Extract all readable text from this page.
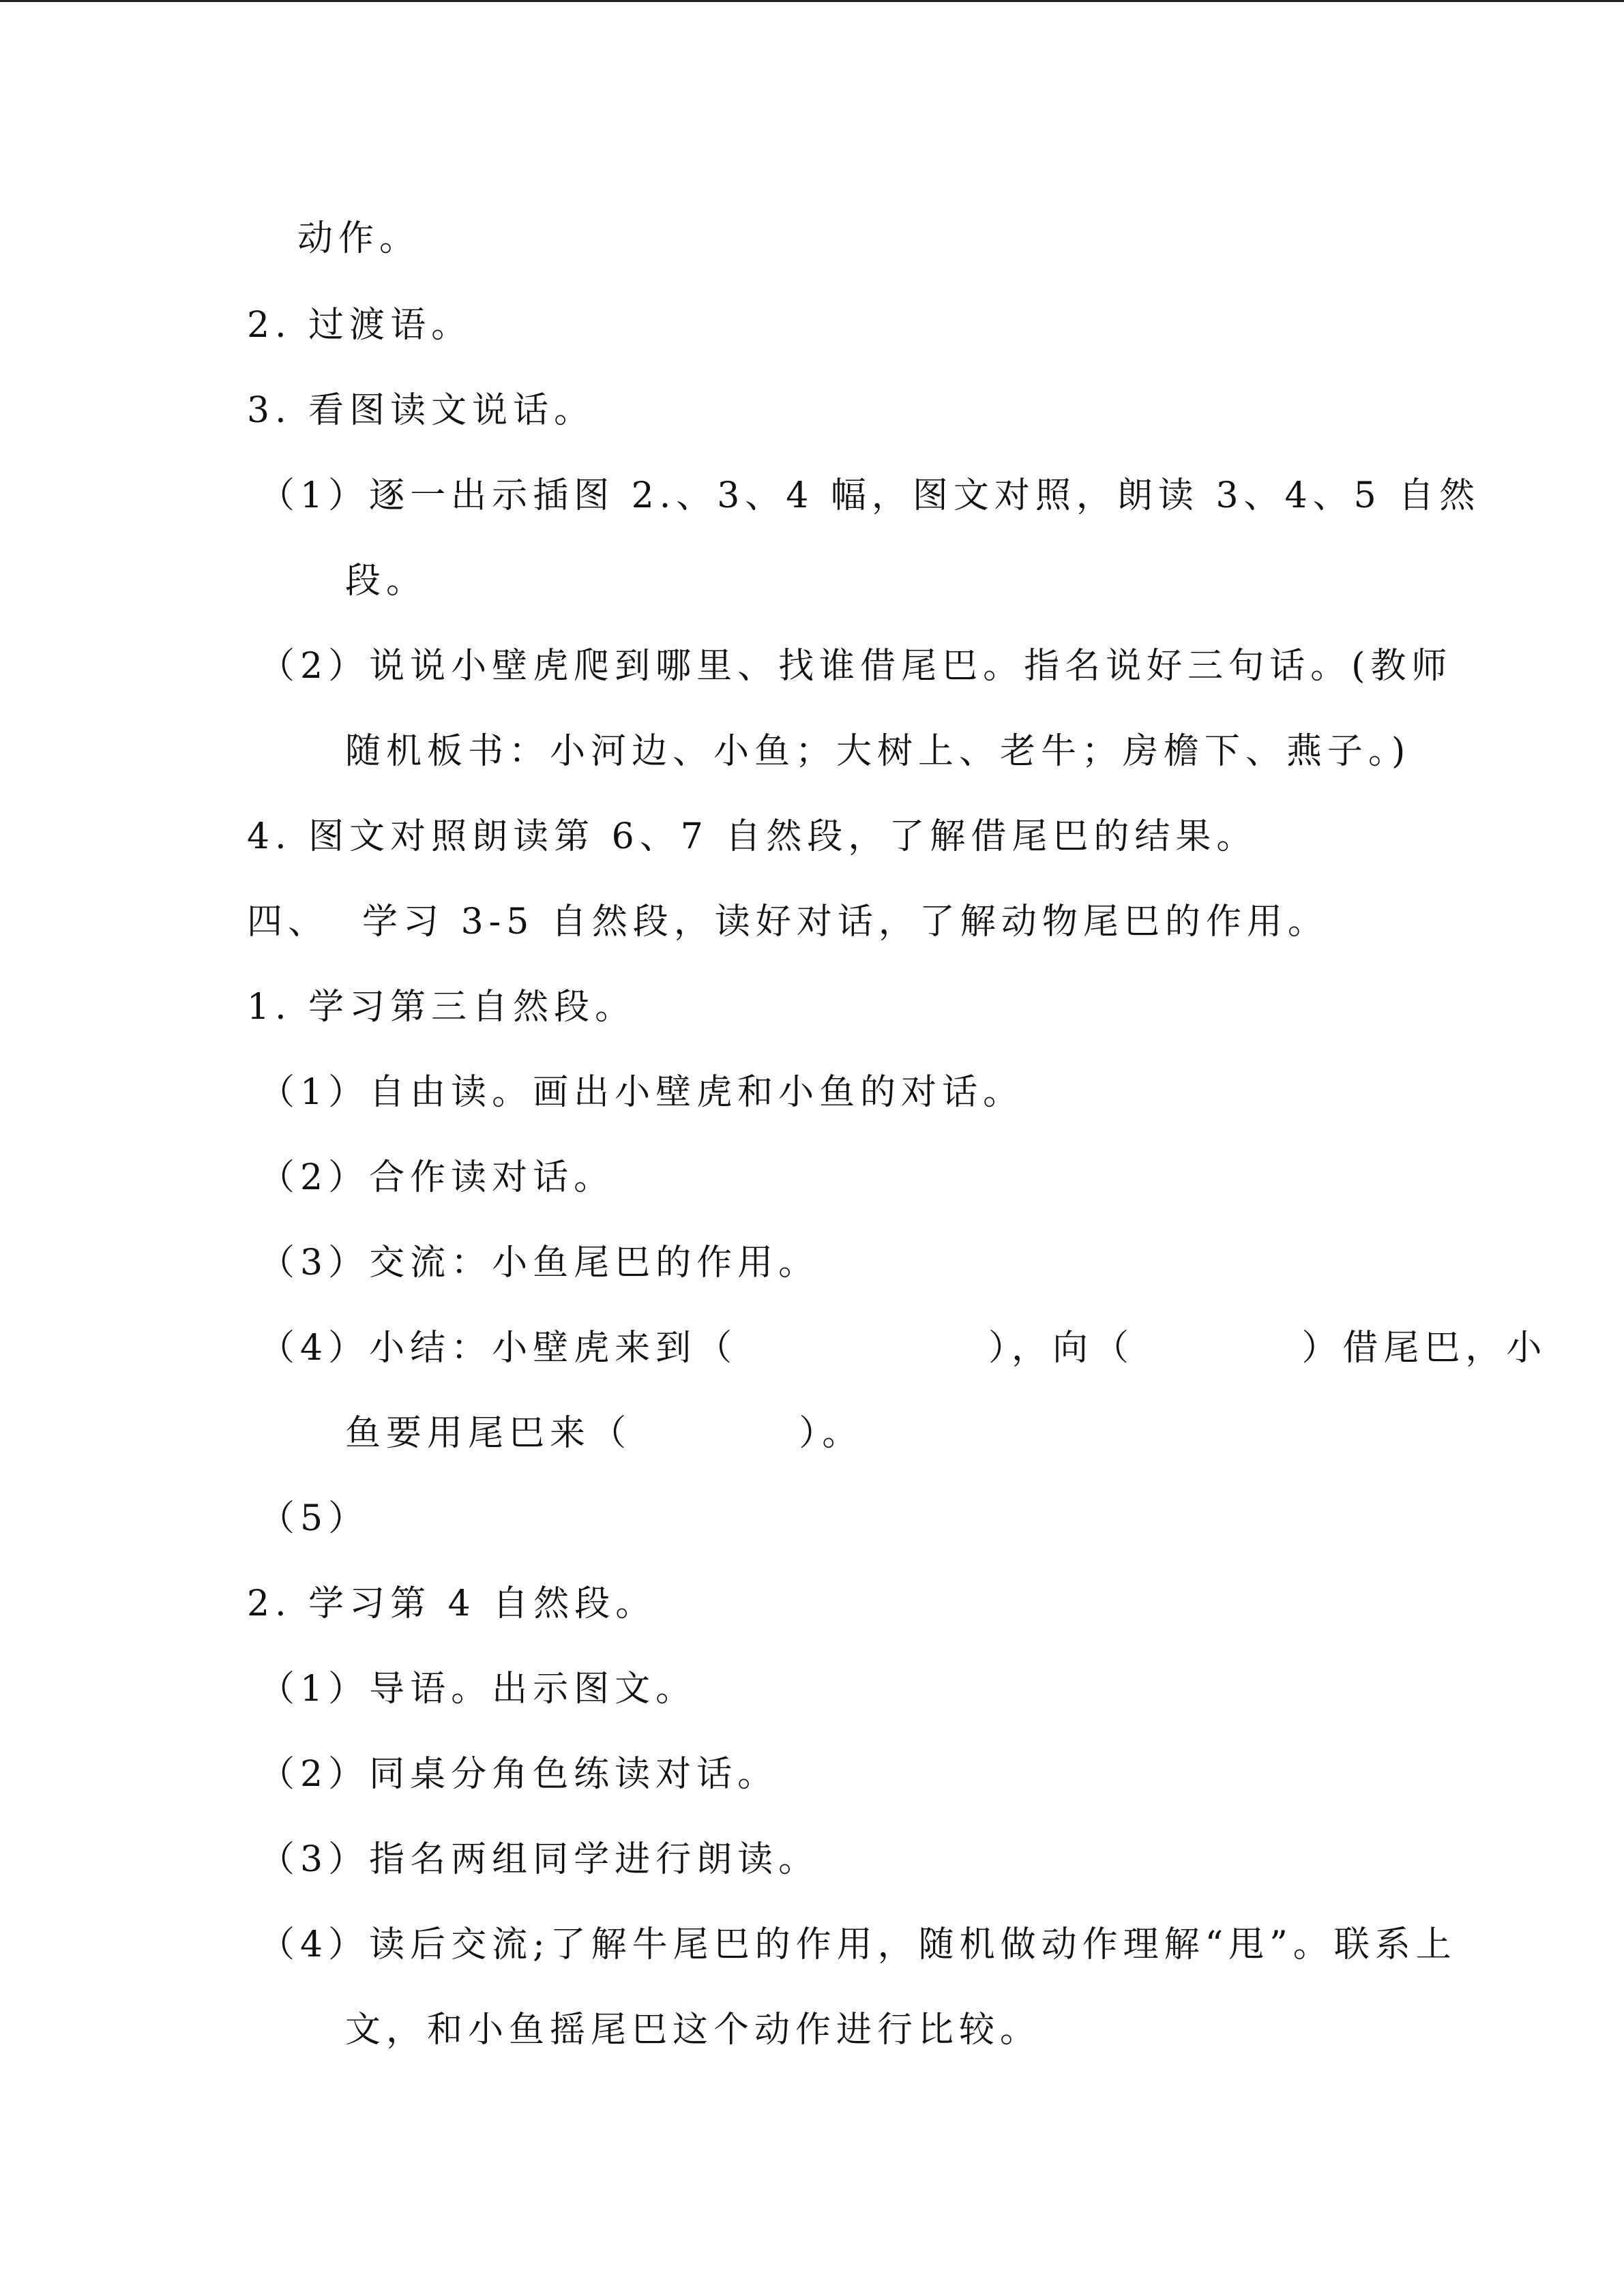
动作。
2. 过渡语。
3. 看图读文说话。
（1）逐一出示插图 2.、3、4 幅，图文对照，朗读 3、4、5 自然
段。
（2）说说小壁虎爬到哪里、找谁借尾巴。指名说好三句话。(教师
随机板书：小河边、小鱼；大树上、老牛；房檐下、燕子。)
4. 图文对照朗读第 6、7 自然段，了解借尾巴的结果。
四、  学习 3-5 自然段，读好对话，了解动物尾巴的作用。
1. 学习第三自然段。
（1）自由读。画出小壁虎和小鱼的对话。
（2）合作读对话。
（3）交流：小鱼尾巴的作用。
（4）小结：小壁虎来到（               ），向（          ）借尾巴，小
鱼要用尾巴来（          ）。
（5）
2. 学习第 4 自然段。
（1）导语。出示图文。
（2）同桌分角色练读对话。
（3）指名两组同学进行朗读。
（4）读后交流;了解牛尾巴的作用，随机做动作理解“甩”。联系上
文，和小鱼摇尾巴这个动作进行比较。
